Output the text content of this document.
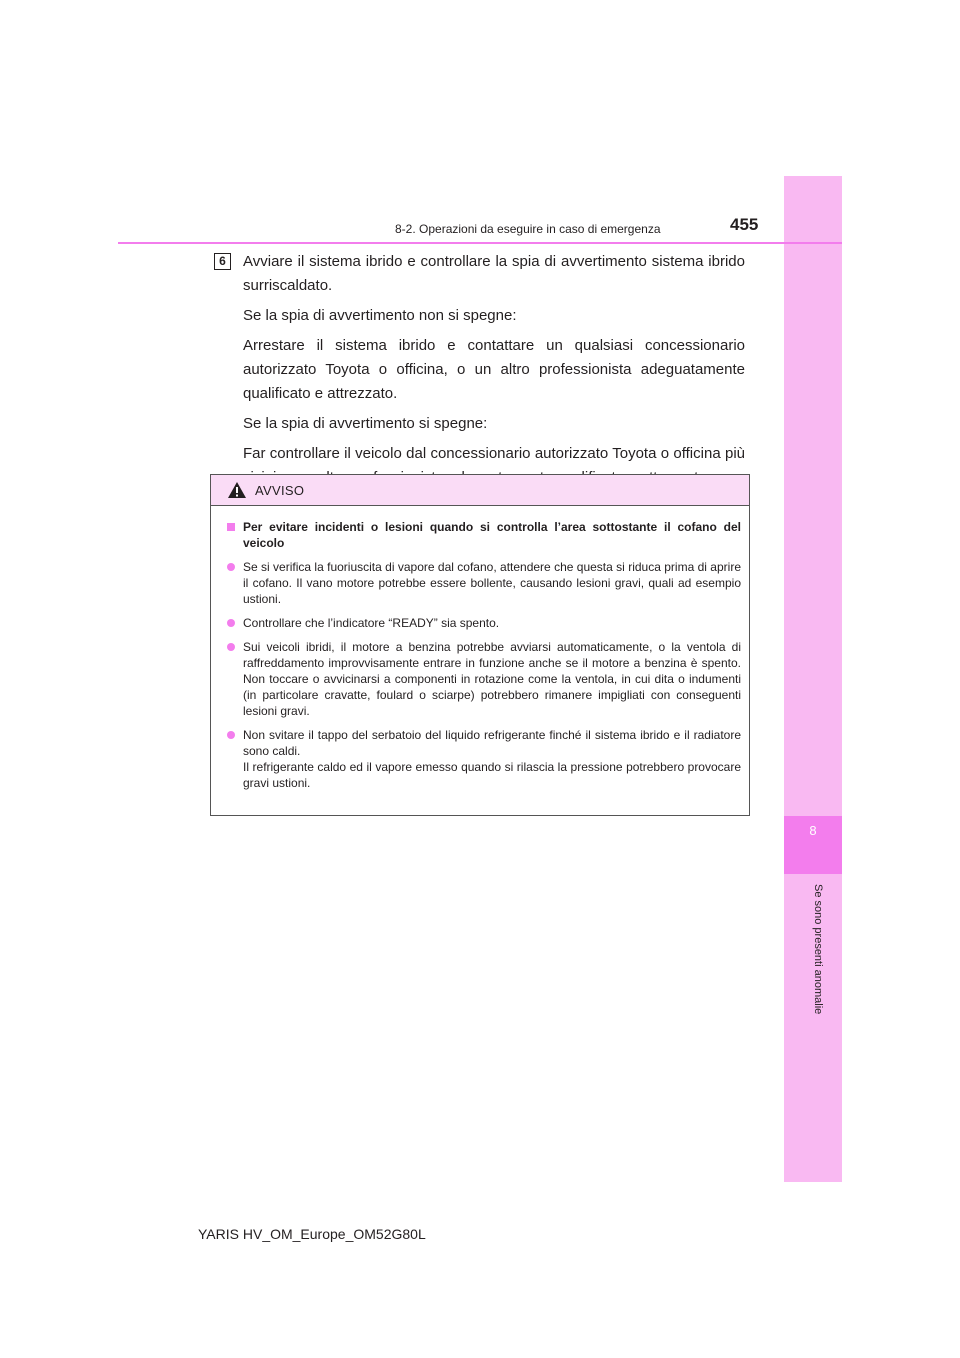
8
Se sono presenti anomalie
8-2. Operazioni da eseguire in caso di emergenza	455
6	Avviare il sistema ibrido e controllare la spia di avvertimento sistema ibrido surriscaldato.

Se la spia di avvertimento non si spegne:

Arrestare il sistema ibrido e contattare un qualsiasi concessionario autorizzato Toyota o officina, o un altro professionista adeguatamente qualificato e attrezzato.

Se la spia di avvertimento si spegne:

Far controllare il veicolo dal concessionario autorizzato Toyota o officina più

AVVISO
Per evitare incidenti o lesioni quando si controlla l’area sottostante il cofano del veicolo
Se si verifica la fuoriuscita di vapore dal cofano, attendere che questa si riduca prima di aprire il cofano. Il vano motore potrebbe essere bollente, causando lesioni gravi, quali ad esempio ustioni.
Controllare che l’indicatore “READY” sia spento.
Sui veicoli ibridi, il motore a benzina potrebbe avviarsi automaticamente, o la ventola di raffreddamento improvvisamente entrare in funzione anche se il motore a benzina è spento. Non toccare o avvicinarsi a componenti in rotazione come la ventola, in cui dita o indumenti (in particolare cravatte, foulard o sciarpe) potrebbero rimanere impigliati con conseguenti lesioni gravi.
Non svitare il tappo del serbatoio del liquido refrigerante finché il sistema ibrido e il radiatore sono caldi.
Il refrigerante caldo ed il vapore emesso quando si rilascia la pressione potrebbero provocare gravi ustioni.
YARIS HV_OM_Europe_OM52G80L
